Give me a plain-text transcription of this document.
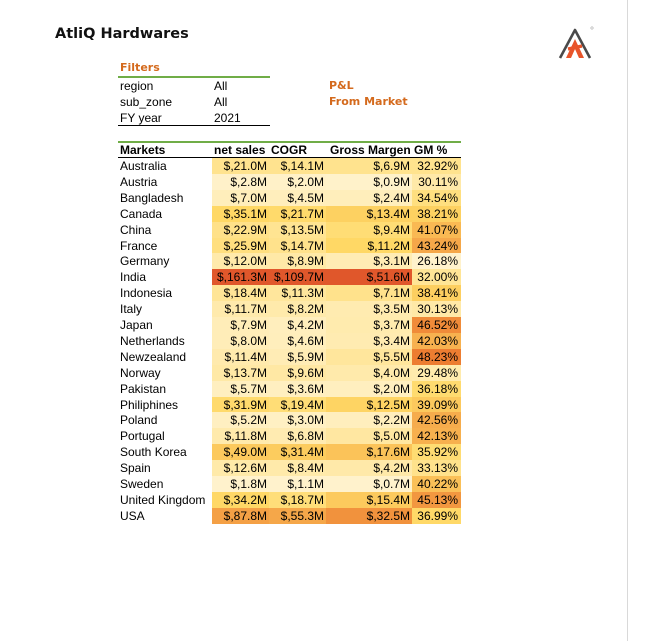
AtliQ Hardwares
Filters
region	All
sub_zone	All
FY year	2021
P&L
From Market
Markets	net sales COGR Gross Margen GM %
Australia	$,21.0M	$,14.1M	$,6.9M 32.92%
Austria	$,2.8M	$,2.0M	$,0.9M 30.11%
Bangladesh	$,7.0M	$,4.5M	$,2.4M 34.54%
Canada	$,35.1M	$,21.7M	$,13.4M 38.21%
China	$,22.9M	$,13.5M	$,9.4M 41.07%
France	$,25.9M	$,14.7M	$,11.2M 43.24%
Germany	$,12.0M	$,8.9M	$,3.1M 26.18%
India	$,161.3M $,109.7M	$,51.6M 32.00%
Indonesia	$,18.4M	$,11.3M	$,7.1M 38.41%
Italy	$,11.7M	$,8.2M	$,3.5M 30.13%
Japan	$,7.9M	$,4.2M	$,3.7M 46.52%
Netherlands	$,8.0M	$,4.6M	$,3.4M 42.03%
Newzealand	$,11.4M	$,5.9M	$,5.5M 48.23%
Norway	$,13.7M	$,9.6M	$,4.0M 29.48%
Pakistan	$,5.7M	$,3.6M	$,2.0M 36.18%
Philiphines	$,31.9M	$,19.4M	$,12.5M 39.09%
Poland	$,5.2M	$,3.0M	$,2.2M 42.56%
Portugal	$,11.8M	$,6.8M	$,5.0M 42.13%
South Korea	$,49.0M	$,31.4M	$,17.6M 35.92%
Spain	$,12.6M	$,8.4M	$,4.2M 33.13%
Sweden	$,1.8M	$,1.1M	$,0.7M 40.22%
United Kingdom	$,34.2M	$,18.7M	$,15.4M 45.13%
USA	$,87.8M	$,55.3M	$,32.5M 36.99%
